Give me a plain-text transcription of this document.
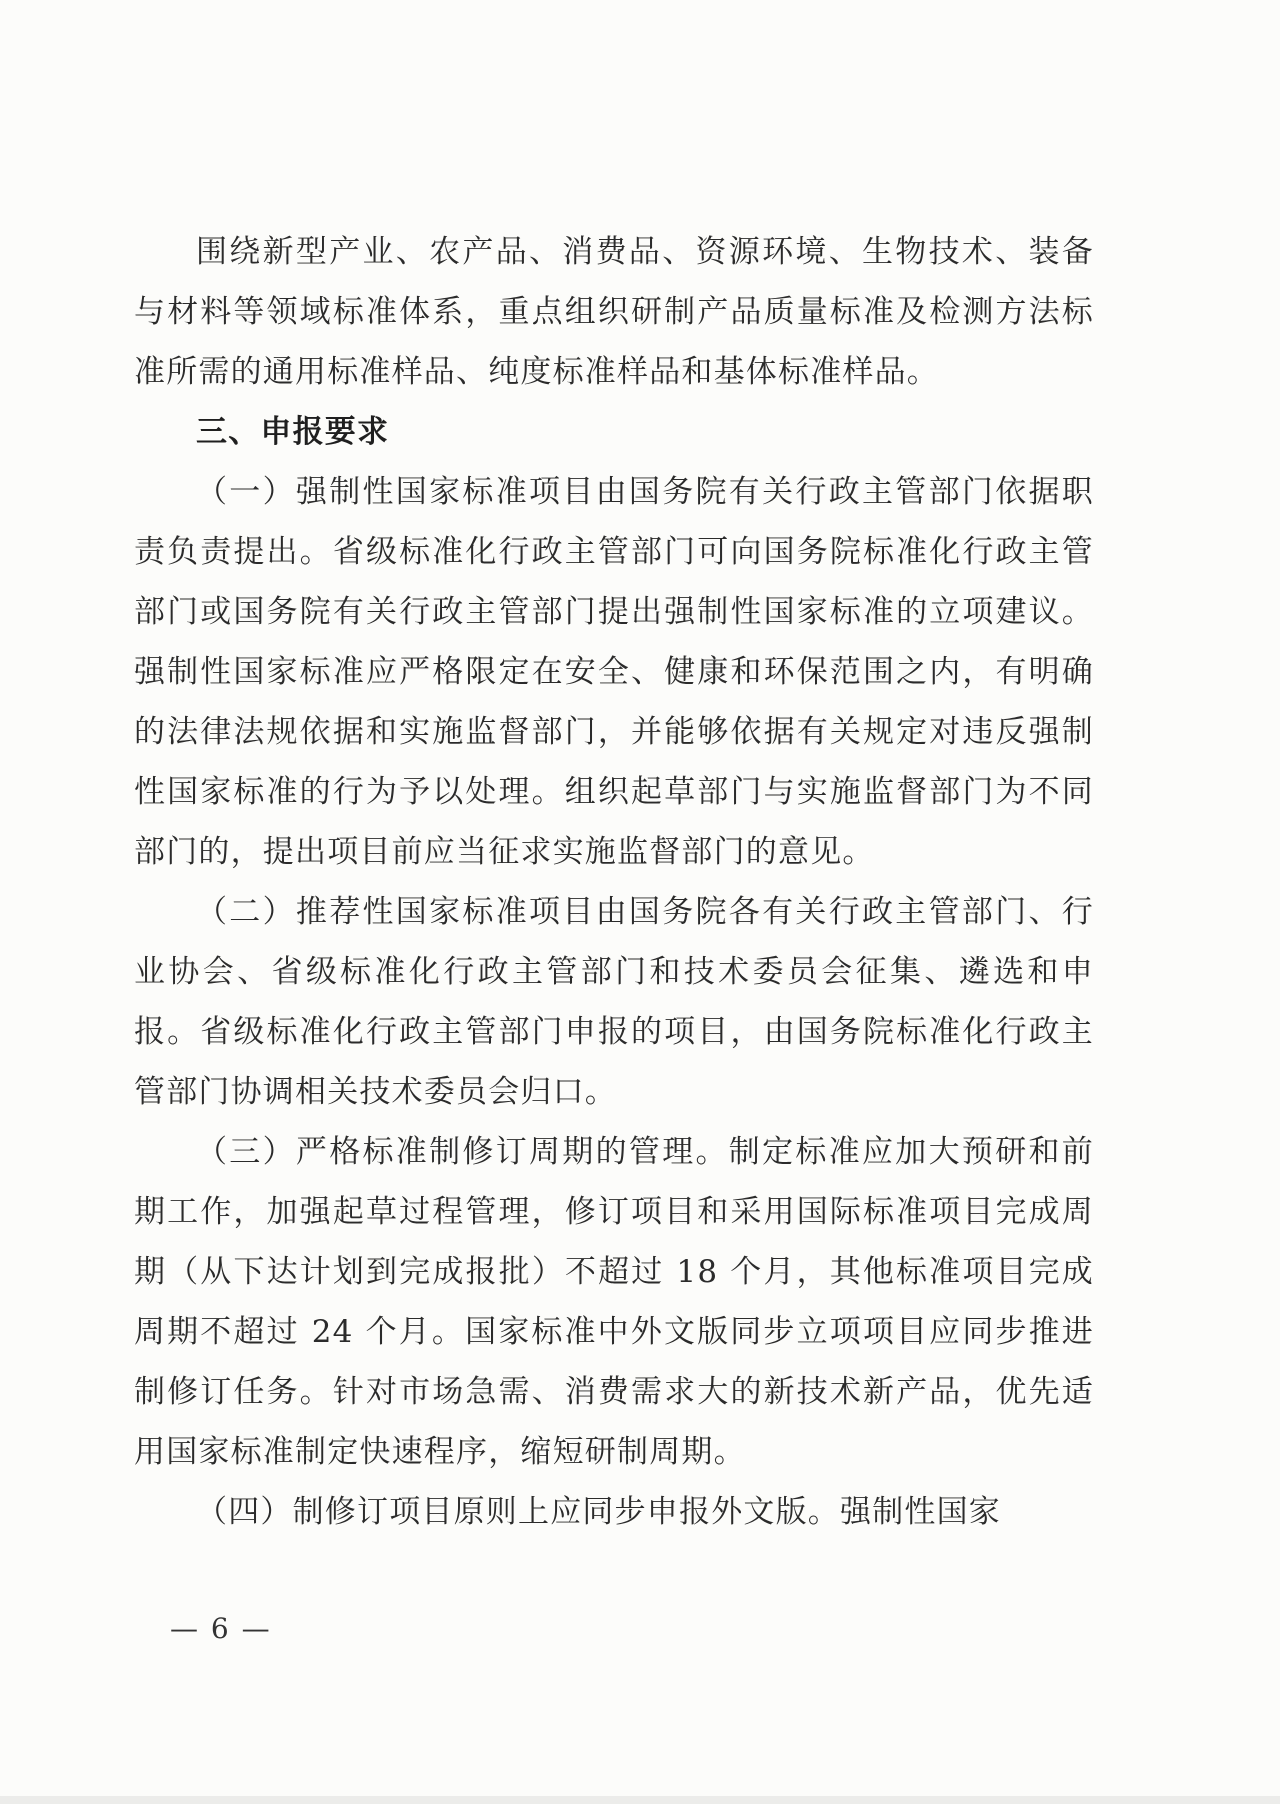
围绕新型产业、农产品、消费品、资源环境、生物技术、装备与材料等领域标准体系，重点组织研制产品质量标准及检测方法标准所需的通用标准样品、纯度标准样品和基体标准样品。

三、申报要求

（一）强制性国家标准项目由国务院有关行政主管部门依据职责负责提出。省级标准化行政主管部门可向国务院标准化行政主管部门或国务院有关行政主管部门提出强制性国家标准的立项建议。强制性国家标准应严格限定在安全、健康和环保范围之内，有明确的法律法规依据和实施监督部门，并能够依据有关规定对违反强制性国家标准的行为予以处理。组织起草部门与实施监督部门为不同部门的，提出项目前应当征求实施监督部门的意见。

（二）推荐性国家标准项目由国务院各有关行政主管部门、行业协会、省级标准化行政主管部门和技术委员会征集、遴选和申报。省级标准化行政主管部门申报的项目，由国务院标准化行政主管部门协调相关技术委员会归口。

（三）严格标准制修订周期的管理。制定标准应加大预研和前期工作，加强起草过程管理，修订项目和采用国际标准项目完成周期（从下达计划到完成报批）不超过 18 个月，其他标准项目完成周期不超过 24 个月。国家标准中外文版同步立项项目应同步推进制修订任务。针对市场急需、消费需求大的新技术新产品，优先适用国家标准制定快速程序，缩短研制周期。

（四）制修订项目原则上应同步申报外文版。强制性国家

— 6 —
